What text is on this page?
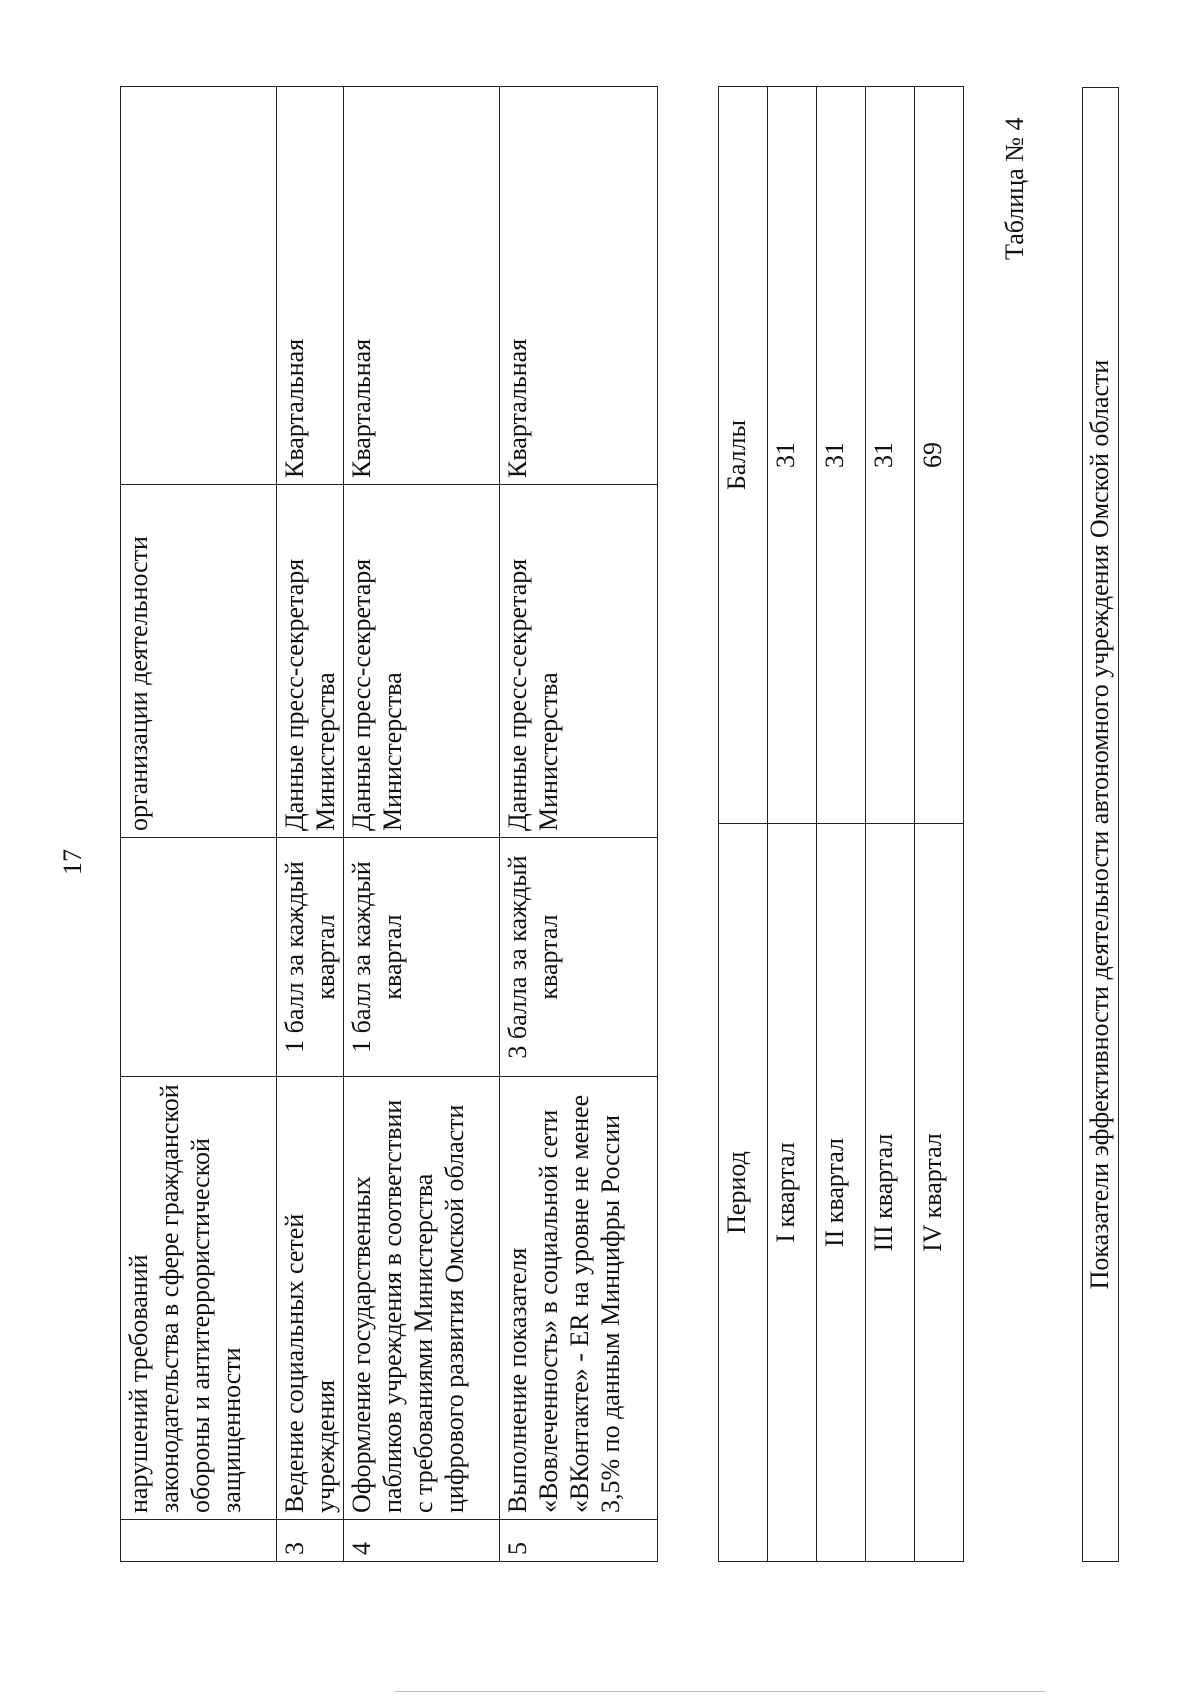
17
	нарушений требований законодательства в сфере гражданской обороны и антитеррористической защищенности		организации деятельности	
3	Ведение социальных сетей учреждения	1 балл за каждый квартал	Данные пресс-секретаря Министерства	Квартальная
4	Оформление государственных пабликов учреждения в соответствии с требованиями Министерства цифрового развития Омской области	1 балл за каждый квартал	Данные пресс-секретаря Министерства	Квартальная
5	Выполнение показателя «Вовлеченность» в социальной сети «ВКонтакте» - ER на уровне не менее 3,5% по данным Минцифры России	3 балла за каждый квартал	Данные пресс-секретаря Министерства	Квартальная
Период	Баллы
I квартал	31
II квартал	31
III квартал	31
IV квартал	69
Таблица № 4
Показатели эффективности деятельности автономного учреждения Омской области
